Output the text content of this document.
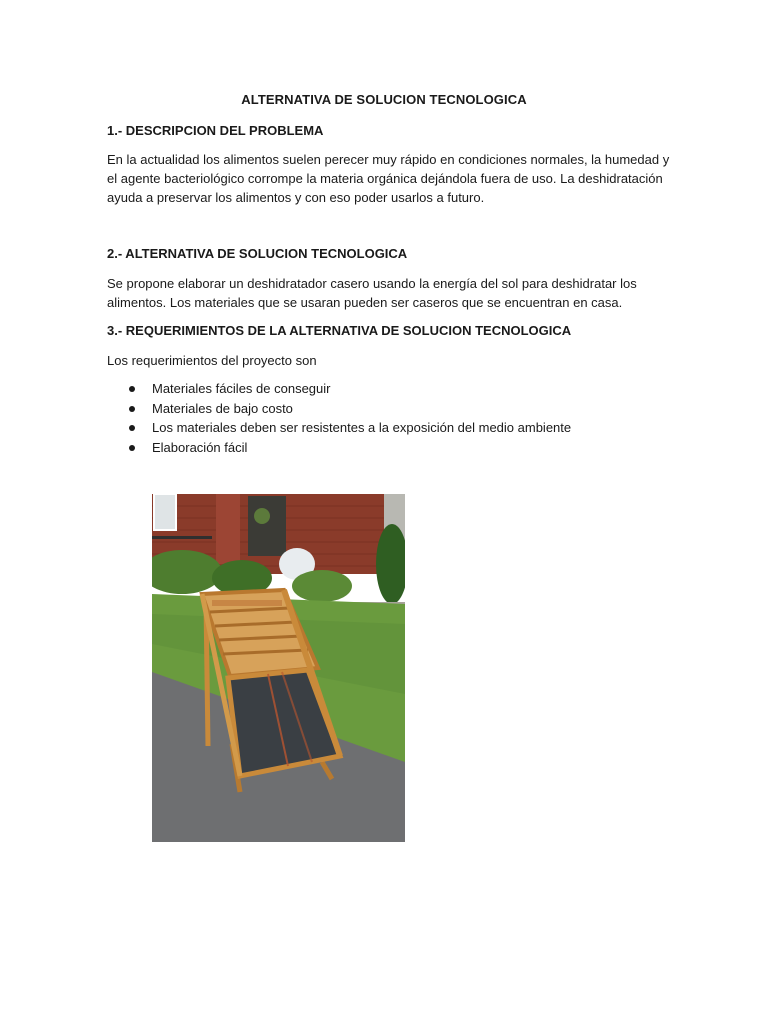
ALTERNATIVA DE SOLUCION TECNOLOGICA
1.- DESCRIPCION DEL PROBLEMA
En la actualidad los alimentos suelen perecer muy rápido en condiciones normales, la humedad y
el agente bacteriológico corrompe la materia orgánica dejándola fuera de uso. La deshidratación
ayuda a preservar los alimentos y con eso poder usarlos a futuro.
2.- ALTERNATIVA DE SOLUCION TECNOLOGICA
Se propone elaborar un deshidratador casero usando la energía del sol para deshidratar los
alimentos. Los materiales que se usaran pueden ser caseros que se encuentran en casa.
3.- REQUERIMIENTOS DE LA ALTERNATIVA DE SOLUCION TECNOLOGICA
Los requerimientos del proyecto son
Materiales fáciles de conseguir
Materiales de bajo costo
Los materiales deben ser resistentes a la exposición del medio ambiente
Elaboración fácil
